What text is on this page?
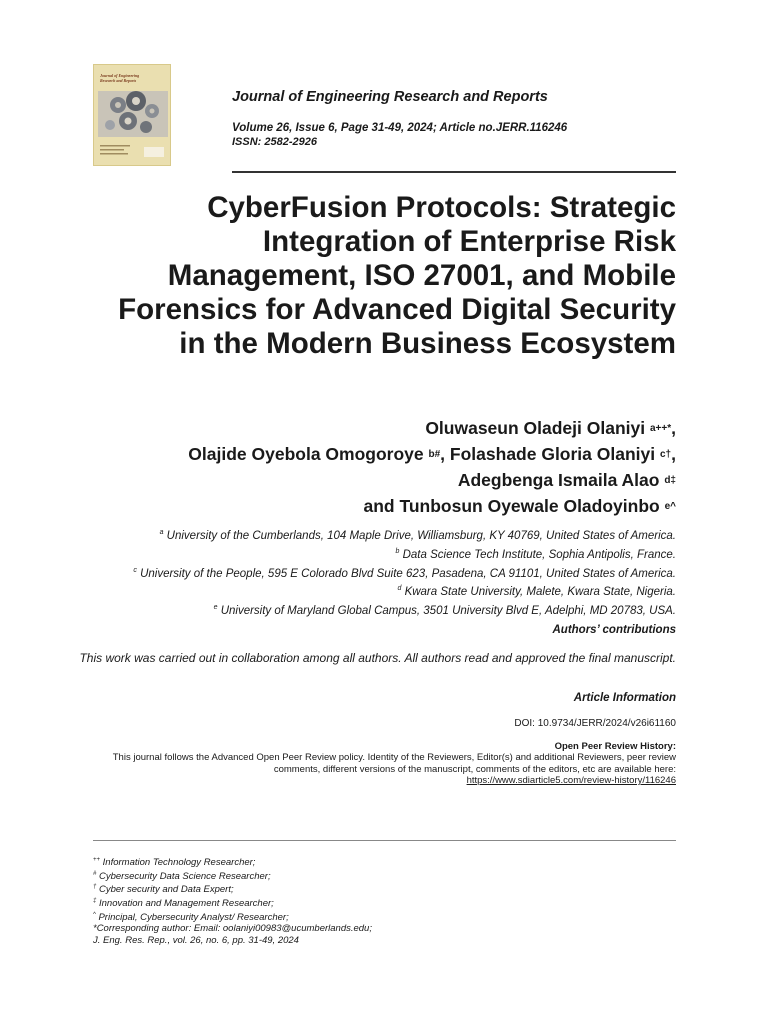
Journal of Engineering
Research and Reports
Journal of Engineering Research and Reports
Volume 26, Issue 6, Page 31-49, 2024; Article no.JERR.116246
ISSN: 2582-2926
CyberFusion Protocols: Strategic Integration of Enterprise Risk Management, ISO 27001, and Mobile Forensics for Advanced Digital Security in the Modern Business Ecosystem
Oluwaseun Oladeji Olaniyi $^{a++*}$,
Olajide Oyebola Omogoroye $^{b\#}$, Folashade Gloria Olaniyi $^{c\dagger}$,
Adegbenga Ismaila Alao $^{d\ddagger}$
and Tunbosun Oyewale Oladoyinbo $^{e\^{}}$
$^a$ University of the Cumberlands, 104 Maple Drive, Williamsburg, KY 40769, United States of America.
$^b$ Data Science Tech Institute, Sophia Antipolis, France.
$^c$ University of the People, 595 E Colorado Blvd Suite 623, Pasadena, CA 91101, United States of America.
$^d$ Kwara State University, Malete, Kwara State, Nigeria.
$^e$ University of Maryland Global Campus, 3501 University Blvd E, Adelphi, MD 20783, USA.
Authors’ contributions
This work was carried out in collaboration among all authors. All authors read and approved the final manuscript.
Article Information
DOI: 10.9734/JERR/2024/v26i61160
Open Peer Review History:
This journal follows the Advanced Open Peer Review policy. Identity of the Reviewers, Editor(s) and additional Reviewers, peer review comments, different versions of the manuscript, comments of the editors, etc are available here:
https://www.sdiarticle5.com/review-history/116246
++ Information Technology Researcher;
# Cybersecurity Data Science Researcher;
† Cyber security and Data Expert;
‡ Innovation and Management Researcher;
^ Principal, Cybersecurity Analyst/ Researcher;
*Corresponding author: Email: oolaniyi00983@ucumberlands.edu;
J. Eng. Res. Rep., vol. 26, no. 6, pp. 31-49, 2024
